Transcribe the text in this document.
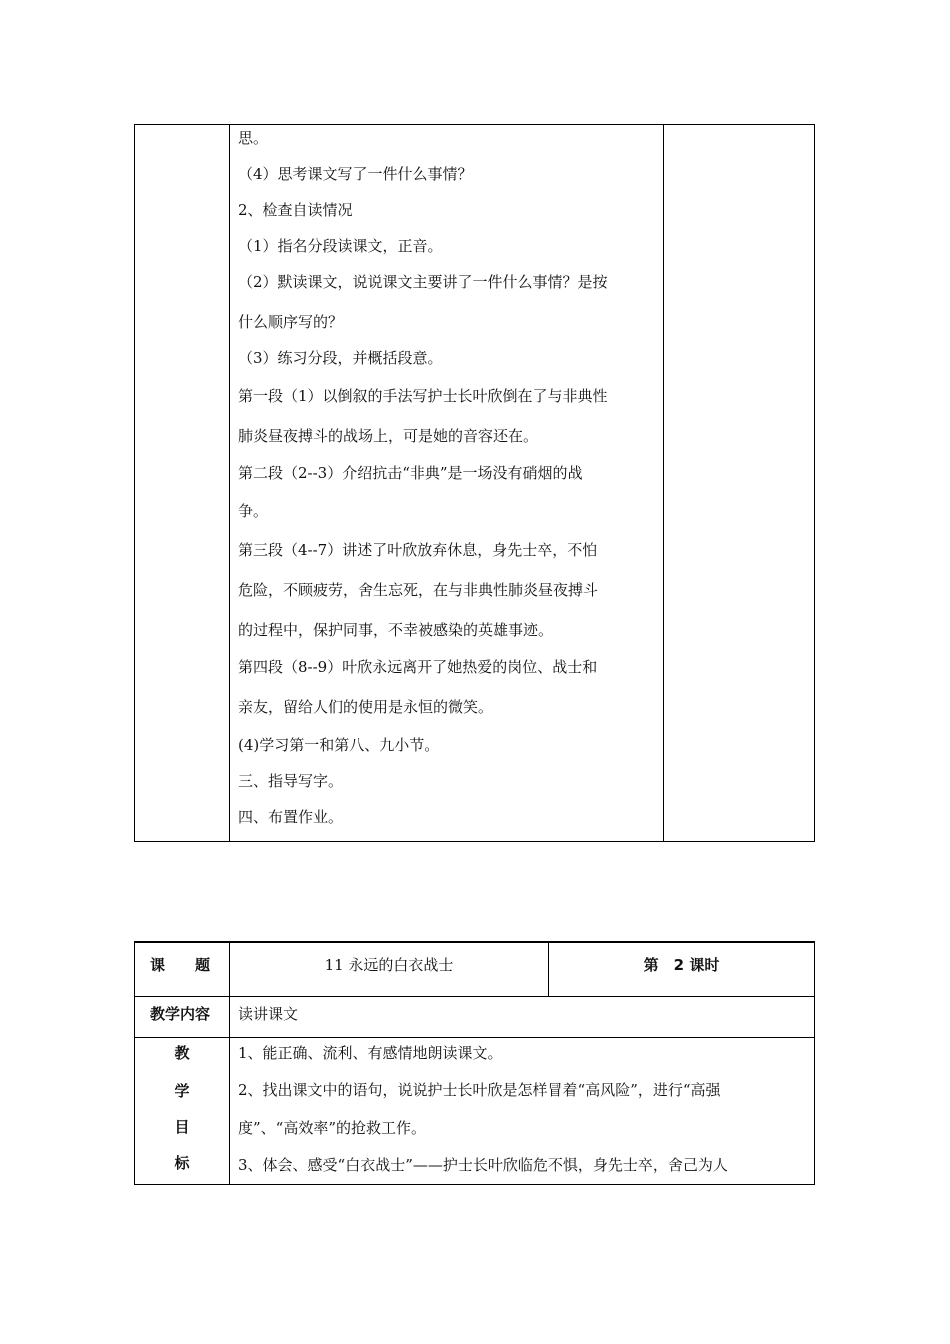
思。
（4）思考课文写了一件什么事情？
2、检查自读情况
（1）指名分段读课文，正音。
（2）默读课文，说说课文主要讲了一件什么事情？是按
什么顺序写的？
（3）练习分段，并概括段意。
第一段（1）以倒叙的手法写护士长叶欣倒在了与非典性
肺炎昼夜搏斗的战场上，可是她的音容还在。
第二段（2--3）介绍抗击“非典”是一场没有硝烟的战
争。
第三段（4--7）讲述了叶欣放弃休息，身先士卒，不怕
危险，不顾疲劳，舍生忘死，在与非典性肺炎昼夜搏斗
的过程中，保护同事，不幸被感染的英雄事迹。
第四段（8--9）叶欣永远离开了她热爱的岗位、战士和
亲友，留给人们的使用是永恒的微笑。
(4)学习第一和第八、九小节。
三、指导写字。
四、布置作业。
课　　题	11 永远的白衣战士	第　2 课时
教学内容 读讲课文
教
学
目
标
1、能正确、流利、有感情地朗读课文。
2、找出课文中的语句，说说护士长叶欣是怎样冒着“高风险”，进行“高强
度”、“高效率”的抢救工作。
3、体会、感受“白衣战士”——护士长叶欣临危不惧，身先士卒，舍己为人
